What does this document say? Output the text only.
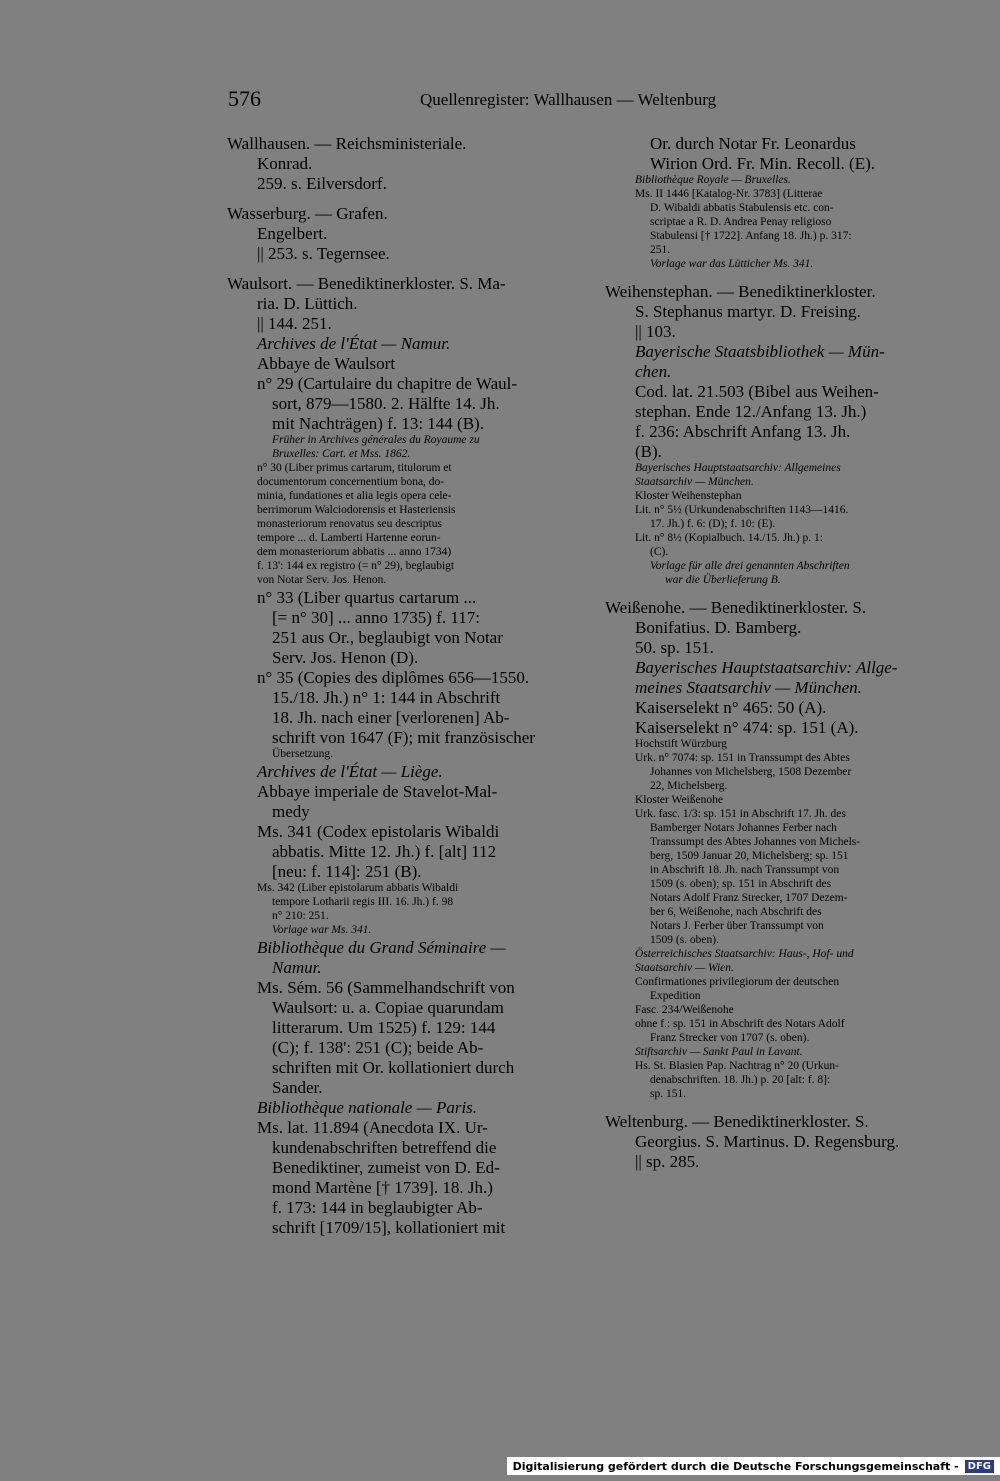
576	Quellenregister: Wallhausen — Weltenburg
Wallhausen. — Reichsministeriale.
Konrad.
259. s. Eilversdorf.
Wasserburg. — Grafen.
Engelbert.
|| 253. s. Tegernsee.
Waulsort. — Benediktinerkloster. S. Ma-
ria. D. Lüttich.
|| 144. 251.
Archives de l'État — Namur.
Abbaye de Waulsort
n° 29 (Cartulaire du chapitre de Waul-
sort, 879—1580. 2. Hälfte 14. Jh.
mit Nachträgen) f. 13: 144 (B).
Früher in Archives générales du Royaume zu
Bruxelles: Cart. et Mss. 1862.
n° 30 (Liber primus cartarum, titulorum et
documentorum concernentium bona, do-
minia, fundationes et alia legis opera cele-
berrimorum Walciodorensis et Hasteriensis
monasteriorum renovatus seu descriptus
tempore ... d. Lamberti Hartenne eorun-
dem monasteriorum abbatis ... anno 1734)
f. 13': 144 ex registro (= n° 29), beglaubigt
von Notar Serv. Jos. Henon.
n° 33 (Liber quartus cartarum ...
[= n° 30] ... anno 1735) f. 117:
251 aus Or., beglaubigt von Notar
Serv. Jos. Henon (D).
n° 35 (Copies des diplômes 656—1550.
15./18. Jh.) n° 1: 144 in Abschrift
18. Jh. nach einer [verlorenen] Ab-
schrift von 1647 (F); mit französischer
Übersetzung.
Archives de l'État — Liège.
Abbaye imperiale de Stavelot-Mal-
medy
Ms. 341 (Codex epistolaris Wibaldi
abbatis. Mitte 12. Jh.) f. [alt] 112
[neu: f. 114]: 251 (B).
Ms. 342 (Liber epistolarum abbatis Wibaldi
tempore Lotharii regis III. 16. Jh.) f. 98
n° 210: 251.
Vorlage war Ms. 341.
Bibliothèque du Grand Séminaire —
Namur.
Ms. Sém. 56 (Sammelhandschrift von
Waulsort: u. a. Copiae quarundam
litterarum. Um 1525) f. 129: 144
(C); f. 138': 251 (C); beide Ab-
schriften mit Or. kollationiert durch
Sander.
Bibliothèque nationale — Paris.
Ms. lat. 11.894 (Anecdota IX. Ur-
kundenabschriften betreffend die
Benediktiner, zumeist von D. Ed-
mond Martène [† 1739]. 18. Jh.)
f. 173: 144 in beglaubigter Ab-
schrift [1709/15], kollationiert mit
Or. durch Notar Fr. Leonardus
Wirion Ord. Fr. Min. Recoll. (E).
Bibliothèque Royale — Bruxelles.
Ms. II 1446 [Katalog-Nr. 3783] (Litterae
D. Wibaldi abbatis Stabulensis etc. con-
scriptae a R. D. Andrea Penay religioso
Stabulensi [† 1722]. Anfang 18. Jh.) p. 317:
251.
Vorlage war das Lütticher Ms. 341.
Weihenstephan. — Benediktinerkloster.
S. Stephanus martyr. D. Freising.
|| 103.
Bayerische Staatsbibliothek — Mün-
chen.
Cod. lat. 21.503 (Bibel aus Weihen-
stephan. Ende 12./Anfang 13. Jh.)
f. 236: Abschrift Anfang 13. Jh.
(B).
Bayerisches Hauptstaatsarchiv: Allgemeines
Staatsarchiv — München.
Kloster Weihenstephan
Lit. n° 5½ (Urkundenabschriften 1143—1416.
17. Jh.) f. 6: (D); f. 10: (E).
Lit. n° 8½ (Kopialbuch. 14./15. Jh.) p. 1:
(C).
Vorlage für alle drei genannten Abschriften
war die Überlieferung B.
Weißenohe. — Benediktinerkloster. S.
Bonifatius. D. Bamberg.
50. sp. 151.
Bayerisches Hauptstaatsarchiv: Allge-
meines Staatsarchiv — München.
Kaiserselekt n° 465: 50 (A).
Kaiserselekt n° 474: sp. 151 (A).
Hochstift Würzburg
Urk. n° 7074: sp. 151 in Transsumpt des Abtes
Johannes von Michelsberg, 1508 Dezember
22, Michelsberg.
Kloster Weißenohe
Urk. fasc. 1/3: sp. 151 in Abschrift 17. Jh. des
Bamberger Notars Johannes Ferber nach
Transsumpt des Abtes Johannes von Michels-
berg, 1509 Januar 20, Michelsberg; sp. 151
in Abschrift 18. Jh. nach Transsumpt von
1509 (s. oben); sp. 151 in Abschrift des
Notars Adolf Franz Strecker, 1707 Dezem-
ber 6, Weißenohe, nach Abschrift des
Notars J. Ferber über Transsumpt von
1509 (s. oben).
Österreichisches Staatsarchiv: Haus-, Hof- und
Staatsarchiv — Wien.
Confirmationes privilegiorum der deutschen
Expedition
Fasc. 234/Weißenohe
ohne f.: sp. 151 in Abschrift des Notars Adolf
Franz Strecker von 1707 (s. oben).
Stiftsarchiv — Sankt Paul in Lavant.
Hs. St. Blasien Pap. Nachtrag n° 20 (Urkun-
denabschriften. 18. Jh.) p. 20 [alt: f. 8]:
sp. 151.
Weltenburg. — Benediktinerkloster. S.
Georgius. S. Martinus. D. Regensburg.
|| sp. 285.
Digitalisierung gefördert durch die Deutsche Forschungsgemeinschaft - DFG
